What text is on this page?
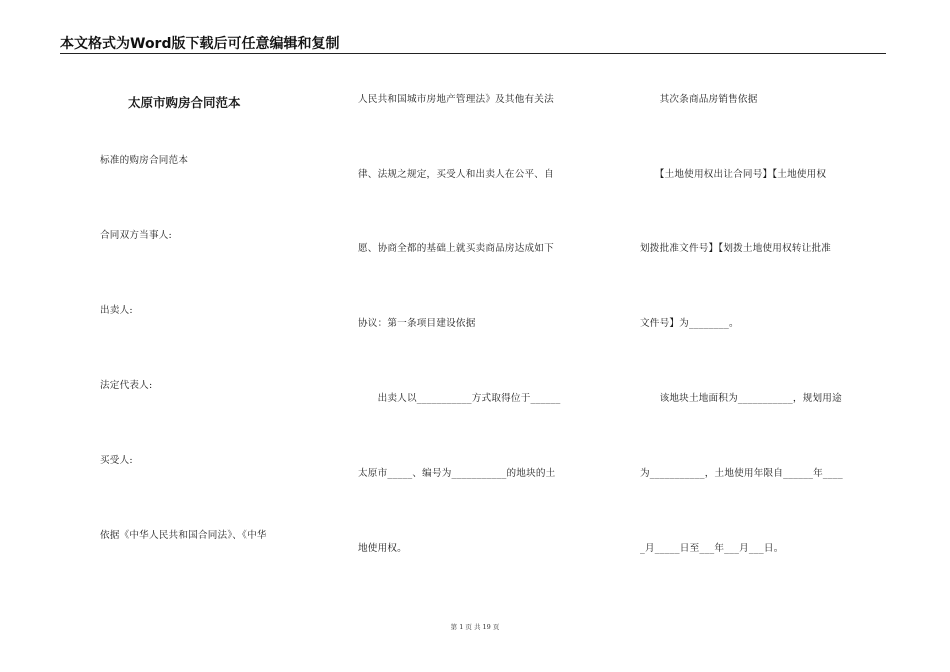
本文格式为Word版下载后可任意编辑和复制
太原市购房合同范本
标准的购房合同范本
合同双方当事人:
出卖人:
法定代表人:
买受人:
依据《中华人民共和国合同法》、《中华
人民共和国城市房地产管理法》及其他有关法
律、法规之规定，买受人和出卖人在公平、自
愿、协商全都的基础上就买卖商品房达成如下
协议：第一条项目建设依据
　　出卖人以___________方式取得位于______
太原市_____、编号为___________的地块的土
地使用权。
　　其次条商品房销售依据
　　【土地使用权出让合同号】【土地使用权
划拨批准文件号】【划拨土地使用权转让批准
文件号】为________。
　　该地块土地面积为___________，规划用途
为___________，土地使用年限自______年____
_月_____日至___年___月___日。
第 1 页 共 19 页
